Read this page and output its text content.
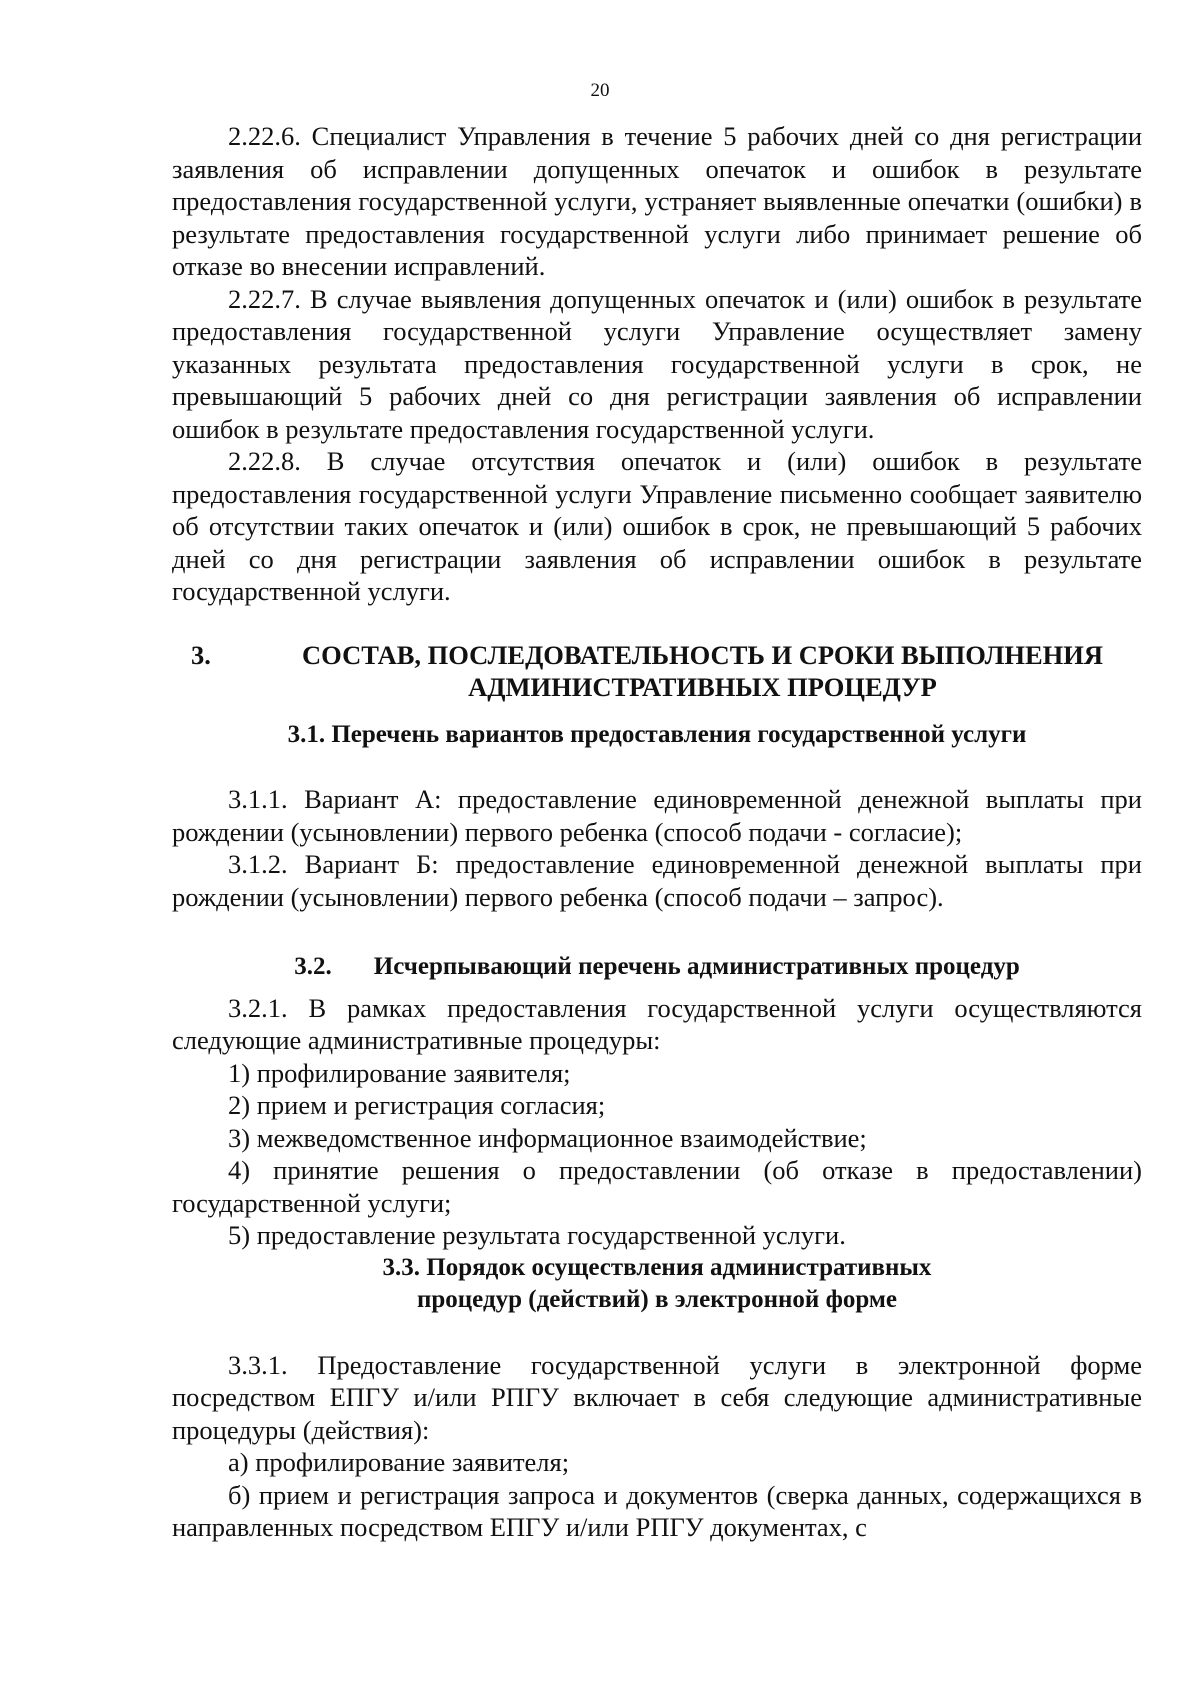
20

2.22.6. Специалист Управления в течение 5 рабочих дней со дня регистрации заявления об исправлении допущенных опечаток и ошибок в результате предоставления государственной услуги, устраняет выявленные опечатки (ошибки) в результате предоставления государственной услуги либо принимает решение об отказе во внесении исправлений.

2.22.7. В случае выявления допущенных опечаток и (или) ошибок в результате предоставления государственной услуги Управление осуществляет замену указанных результата предоставления государственной услуги в срок, не превышающий 5 рабочих дней со дня регистрации заявления об исправлении ошибок в результате предоставления государственной услуги.

2.22.8. В случае отсутствия опечаток и (или) ошибок в результате предоставления государственной услуги Управление письменно сообщает заявителю об отсутствии таких опечаток и (или) ошибок в срок, не превышающий 5 рабочих дней со дня регистрации заявления об исправлении ошибок в результате государственной услуги.

3.	СОСТАВ, ПОСЛЕДОВАТЕЛЬНОСТЬ И СРОКИ ВЫПОЛНЕНИЯ
АДМИНИСТРАТИВНЫХ ПРОЦЕДУР
3.1. Перечень вариантов предоставления государственной услуги

3.1.1. Вариант А: предоставление единовременной денежной выплаты при рождении (усыновлении) первого ребенка (способ подачи - согласие);

3.1.2. Вариант Б: предоставление единовременной денежной выплаты при рождении (усыновлении) первого ребенка (способ подачи – запрос).

3.2. Исчерпывающий перечень административных процедур

3.2.1. В рамках предоставления государственной услуги осуществляются следующие административные процедуры:

1) профилирование заявителя;

2) прием и регистрация согласия;

3) межведомственное информационное взаимодействие;

4) принятие решения о предоставлении (об отказе в предоставлении) государственной услуги;

5) предоставление результата государственной услуги.

3.3. Порядок осуществления административных
процедур (действий) в электронной форме

3.3.1. Предоставление государственной услуги в электронной форме посредством ЕПГУ и/или РПГУ включает в себя следующие административные процедуры (действия):

а) профилирование заявителя;

б) прием и регистрация запроса и документов (сверка данных, содержащихся в направленных посредством ЕПГУ и/или РПГУ документах, с
